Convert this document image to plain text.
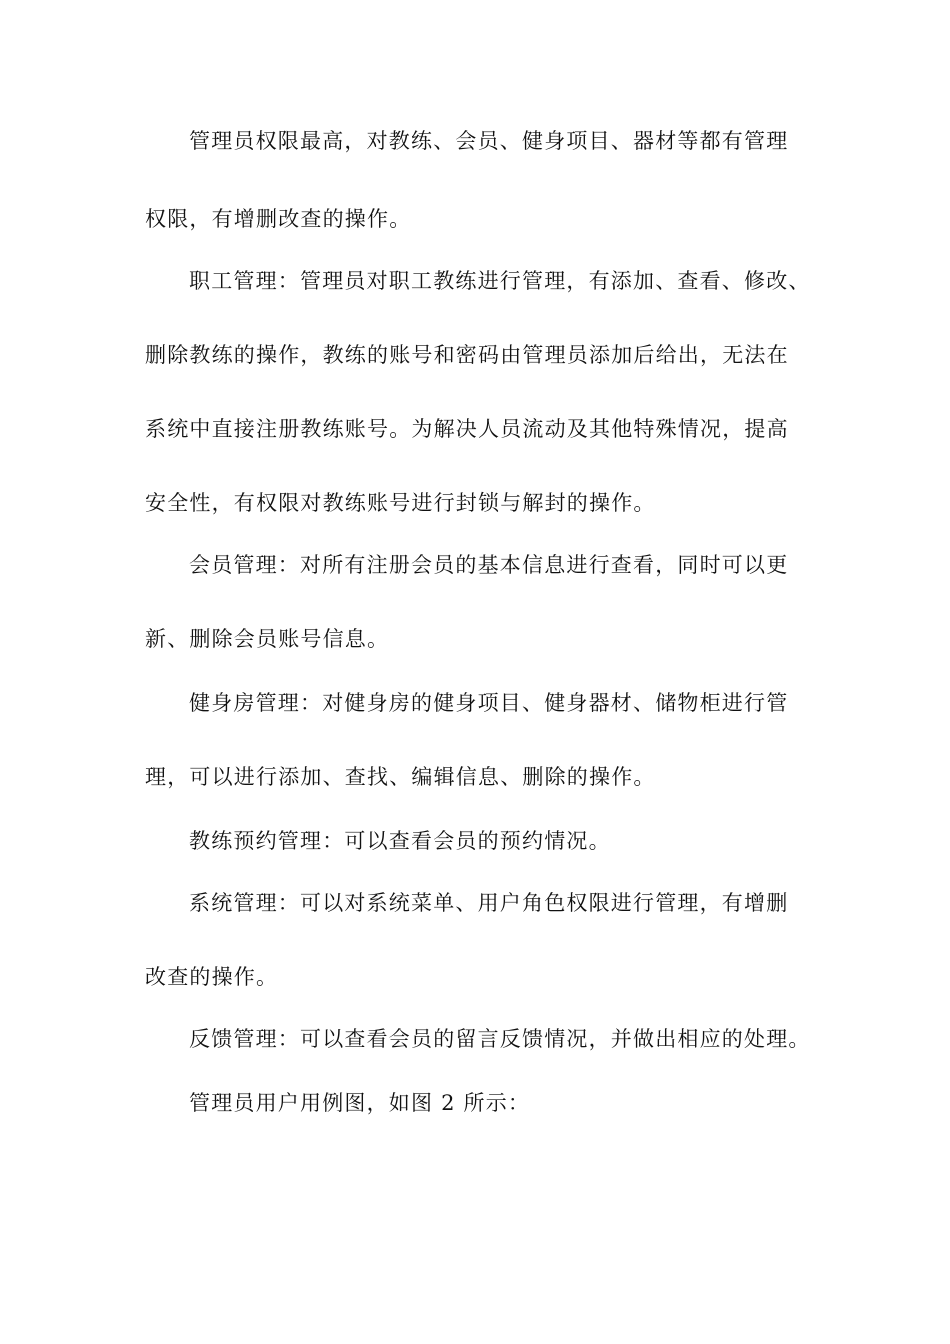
管理员权限最高，对教练、会员、健身项目、器材等都有管理
权限，有增删改查的操作。
职工管理：管理员对职工教练进行管理，有添加、查看、修改、
删除教练的操作，教练的账号和密码由管理员添加后给出，无法在
系统中直接注册教练账号。为解决人员流动及其他特殊情况，提高
安全性，有权限对教练账号进行封锁与解封的操作。
会员管理：对所有注册会员的基本信息进行查看，同时可以更
新、删除会员账号信息。
健身房管理：对健身房的健身项目、健身器材、储物柜进行管
理，可以进行添加、查找、编辑信息、删除的操作。
教练预约管理：可以查看会员的预约情况。
系统管理：可以对系统菜单、用户角色权限进行管理，有增删
改查的操作。
反馈管理：可以查看会员的留言反馈情况，并做出相应的处理。
管理员用户用例图，如图 2 所示：
